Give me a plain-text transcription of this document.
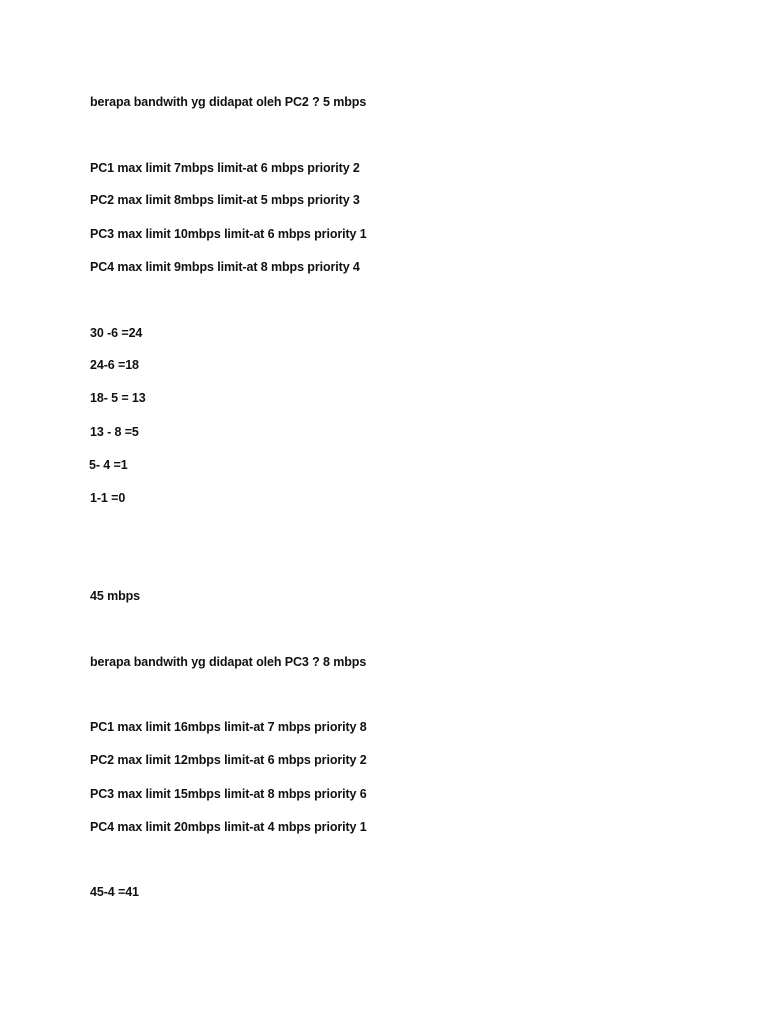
berapa bandwith yg didapat oleh PC2 ? 5 mbps
PC1 max limit 7mbps limit-at 6 mbps priority 2
PC2 max limit 8mbps limit-at 5 mbps priority 3
PC3 max limit 10mbps limit-at 6 mbps priority 1
PC4 max limit 9mbps limit-at 8 mbps priority 4
30 -6 =24
24-6 =18
18- 5 = 13
13 - 8 =5
5- 4 =1
1-1 =0
45 mbps
berapa bandwith yg didapat oleh PC3 ? 8 mbps
PC1 max limit 16mbps limit-at 7 mbps priority 8
PC2 max limit 12mbps limit-at 6 mbps priority 2
PC3 max limit 15mbps limit-at 8 mbps priority 6
PC4 max limit 20mbps limit-at 4 mbps priority 1
45-4 =41
